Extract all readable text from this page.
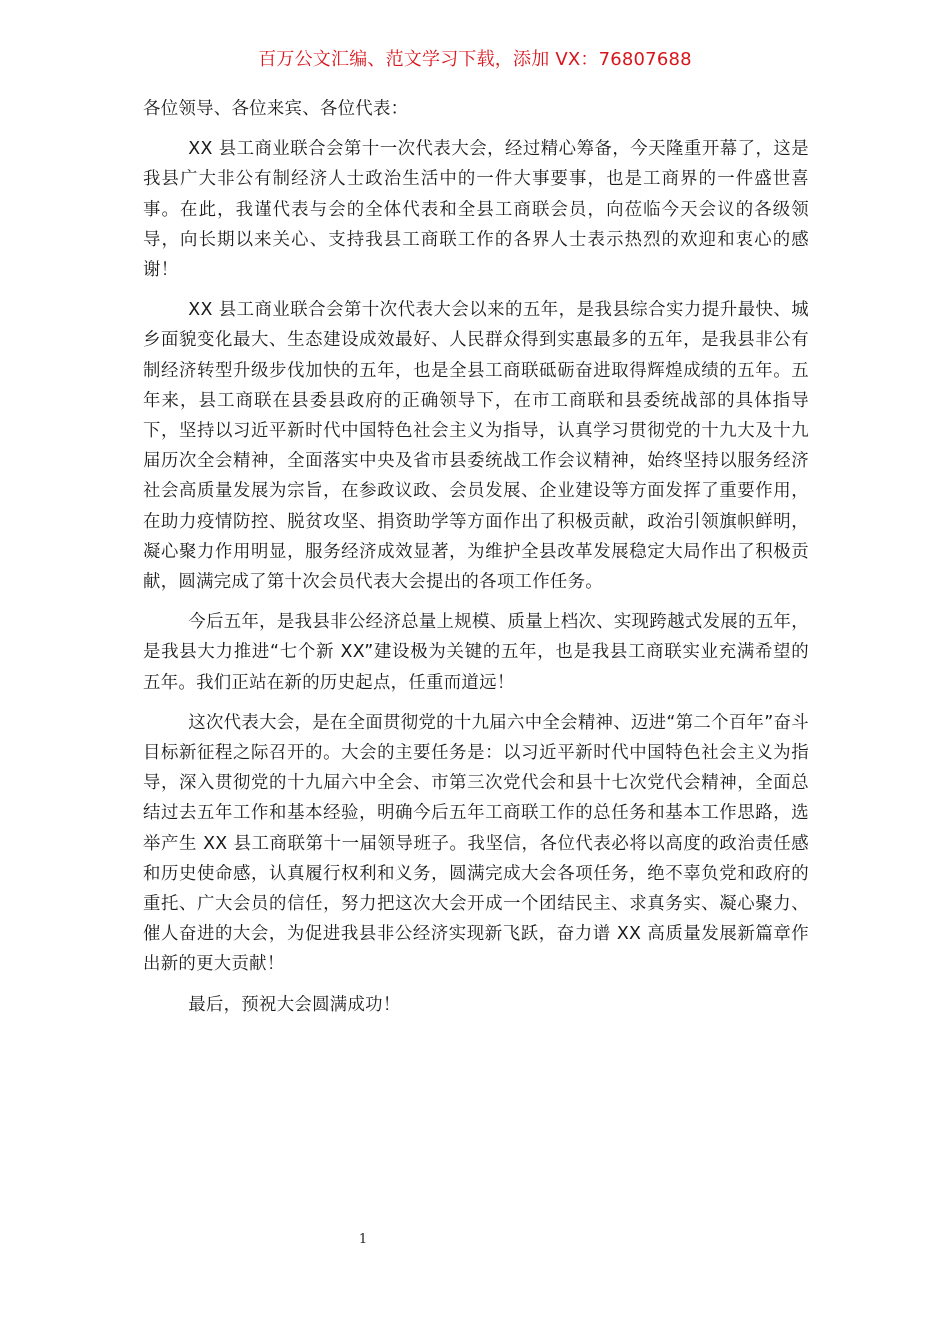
百万公文汇编、范文学习下载，添加 VX：76807688

各位领导、各位来宾、各位代表：

XX 县工商业联合会第十一次代表大会，经过精心筹备，今天隆重开幕了，这是我县广大非公有制经济人士政治生活中的一件大事要事，也是工商界的一件盛世喜事。在此，我谨代表与会的全体代表和全县工商联会员，向莅临今天会议的各级领导，向长期以来关心、支持我县工商联工作的各界人士表示热烈的欢迎和衷心的感谢！

XX 县工商业联合会第十次代表大会以来的五年，是我县综合实力提升最快、城乡面貌变化最大、生态建设成效最好、人民群众得到实惠最多的五年，是我县非公有制经济转型升级步伐加快的五年，也是全县工商联砥砺奋进取得辉煌成绩的五年。五年来，县工商联在县委县政府的正确领导下，在市工商联和县委统战部的具体指导下，坚持以习近平新时代中国特色社会主义为指导，认真学习贯彻党的十九大及十九届历次全会精神，全面落实中央及省市县委统战工作会议精神，始终坚持以服务经济社会高质量发展为宗旨，在参政议政、会员发展、企业建设等方面发挥了重要作用，在助力疫情防控、脱贫攻坚、捐资助学等方面作出了积极贡献，政治引领旗帜鲜明，凝心聚力作用明显，服务经济成效显著，为维护全县改革发展稳定大局作出了积极贡献，圆满完成了第十次会员代表大会提出的各项工作任务。

今后五年，是我县非公经济总量上规模、质量上档次、实现跨越式发展的五年，是我县大力推进“七个新 XX”建设极为关键的五年，也是我县工商联实业充满希望的五年。我们正站在新的历史起点，任重而道远！

这次代表大会，是在全面贯彻党的十九届六中全会精神、迈进“第二个百年”奋斗目标新征程之际召开的。大会的主要任务是：以习近平新时代中国特色社会主义为指导，深入贯彻党的十九届六中全会、市第三次党代会和县十七次党代会精神，全面总结过去五年工作和基本经验，明确今后五年工商联工作的总任务和基本工作思路，选举产生 XX 县工商联第十一届领导班子。我坚信，各位代表必将以高度的政治责任感和历史使命感，认真履行权利和义务，圆满完成大会各项任务，绝不辜负党和政府的重托、广大会员的信任，努力把这次大会开成一个团结民主、求真务实、凝心聚力、催人奋进的大会，为促进我县非公经济实现新飞跃，奋力谱 XX 高质量发展新篇章作出新的更大贡献！

最后，预祝大会圆满成功！

1
